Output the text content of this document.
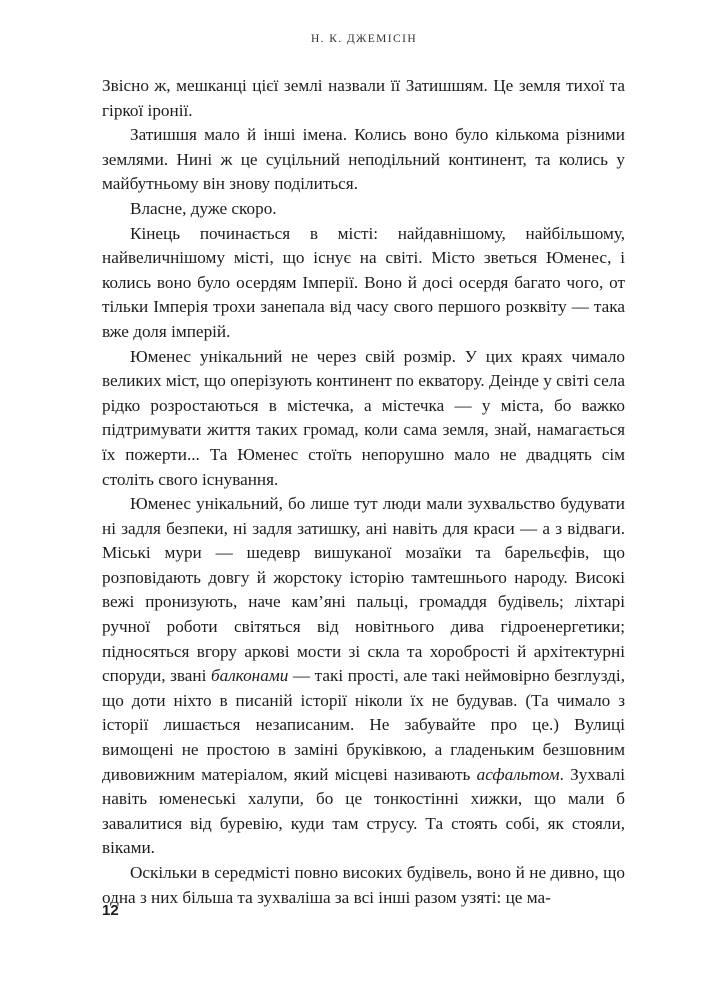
Н. К. ДЖЕМІСІН

Звісно ж, мешканці цієї землі назвали її Затишшям. Це земля тихої та гіркої іронії.

Затишшя мало й інші імена. Колись воно було кількома різними землями. Нині ж це суцільний неподільний континент, та колись у майбутньому він знову поділиться.

Власне, дуже скоро.

Кінець починається в місті: найдавнішому, найбільшому, найвеличнішому місті, що існує на світі. Місто зветься Юменес, і колись воно було осердям Імперії. Воно й досі осердя багато чого, от тільки Імперія трохи занепала від часу свого першого розквіту — така вже доля імперій.

Юменес унікальний не через свій розмір. У цих краях чимало великих міст, що оперізують континент по екватору. Деінде у світі села рідко розростаються в містечка, а містечка — у міста, бо важко підтримувати життя таких громад, коли сама земля, знай, намагається їх пожерти... Та Юменес стоїть непорушно мало не двадцять сім століть свого існування.

Юменес унікальний, бо лише тут люди мали зухвальство будувати ні задля безпеки, ні задля затишку, ані навіть для краси — а з відваги. Міські мури — шедевр вишуканої мозаїки та барельєфів, що розповідають довгу й жорстоку історію тамтешнього народу. Високі вежі пронизують, наче кам’яні пальці, громаддя будівель; ліхтарі ручної роботи світяться від новітнього дива гідроенергетики; підносяться вгору аркові мости зі скла та хоробрості й архітектурні споруди, звані балконами — такі прості, але такі неймовірно безглузді, що доти ніхто в писаній історії ніколи їх не будував. (Та чимало з історії лишається незаписаним. Не забувайте про це.) Вулиці вимощені не простою в заміні бруківкою, а гладеньким безшовним дивовижним матеріалом, який місцеві називають асфальтом. Зухвалі навіть юменеські халупи, бо це тонкостінні хижки, що мали б завалитися від буревію, куди там струсу. Та стоять собі, як стояли, віками.

Оскільки в середмісті повно високих будівель, воно й не дивно, що одна з них більша та зухваліша за всі інші разом узяті: це ма-

12
